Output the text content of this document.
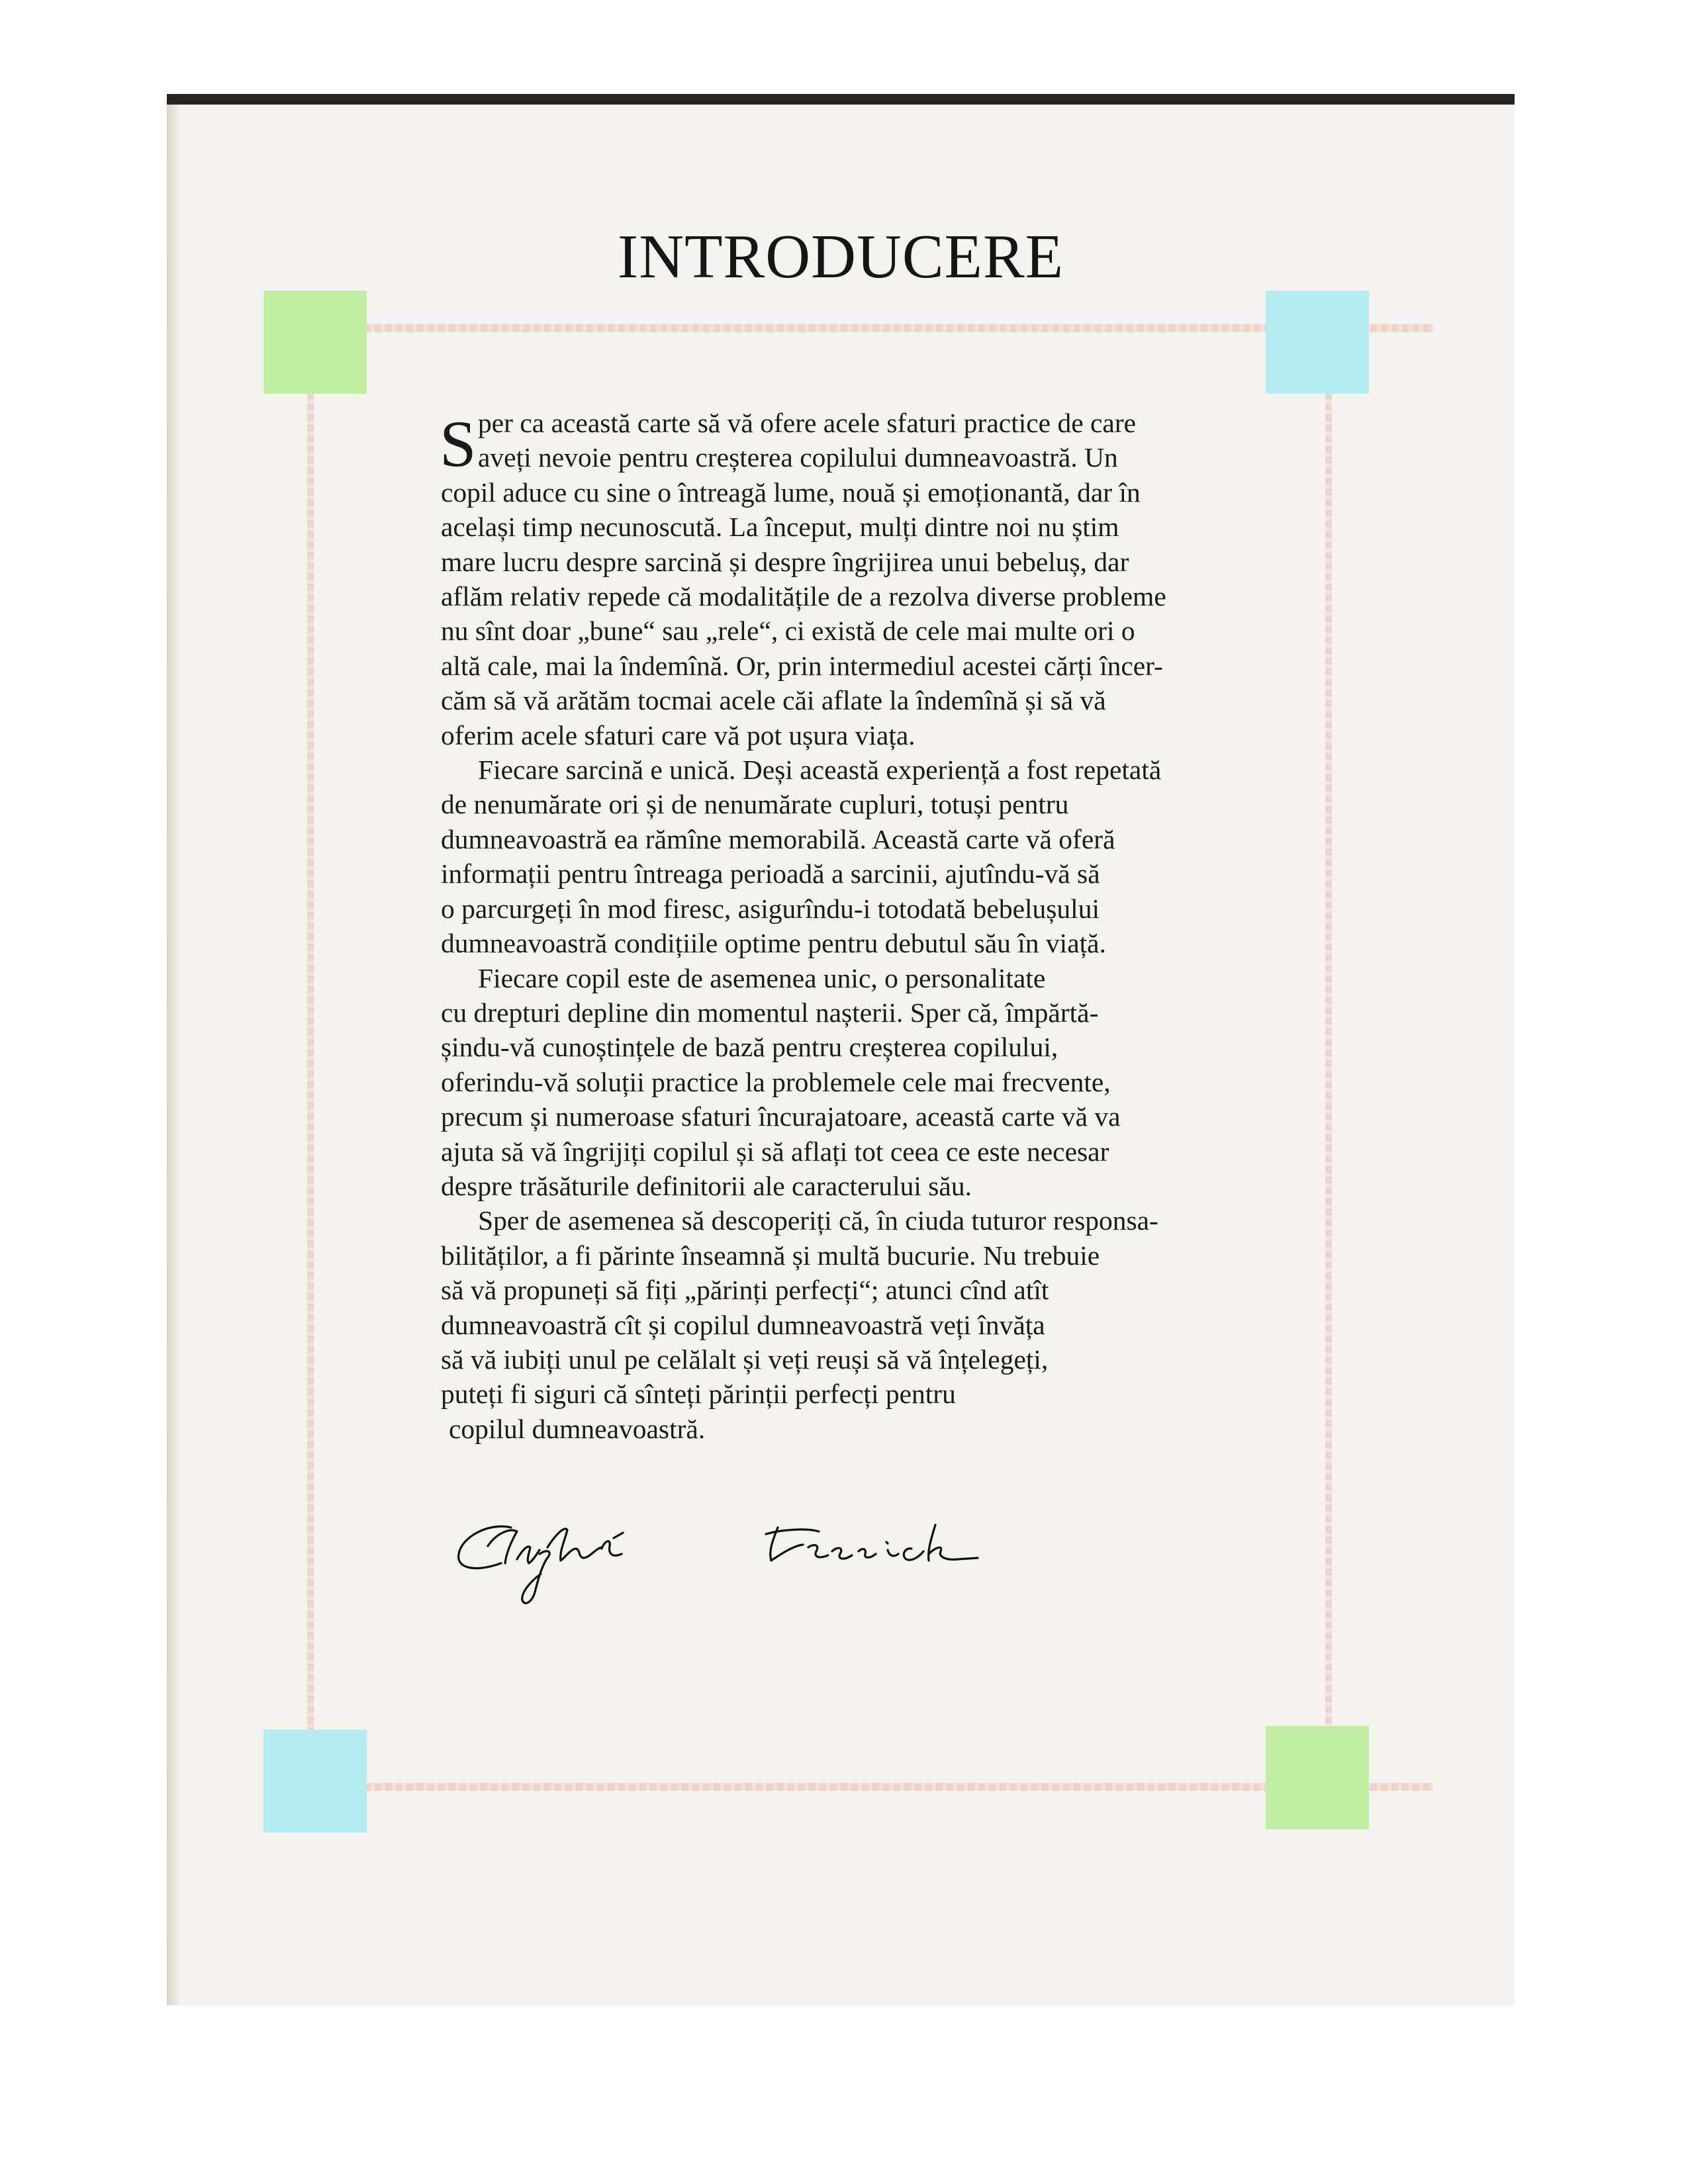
INTRODUCERE
S per ca această carte să vă ofere acele sfaturi practice de care
aveți nevoie pentru creșterea copilului dumneavoastră. Un
copil aduce cu sine o întreagă lume, nouă și emoționantă, dar în
același timp necunoscută. La început, mulți dintre noi nu știm
mare lucru despre sarcină și despre îngrijirea unui bebeluș, dar
aflăm relativ repede că modalitățile de a rezolva diverse probleme
nu sînt doar „bune“ sau „rele“, ci există de cele mai multe ori o
altă cale, mai la îndemînă. Or, prin intermediul acestei cărți încer-
căm să vă arătăm tocmai acele căi aflate la îndemînă și să vă
oferim acele sfaturi care vă pot ușura viața.
Fiecare sarcină e unică. Deși această experiență a fost repetată
de nenumărate ori și de nenumărate cupluri, totuși pentru
dumneavoastră ea rămîne memorabilă. Această carte vă oferă
informații pentru întreaga perioadă a sarcinii, ajutîndu-vă să
o parcurgeți în mod firesc, asigurîndu-i totodată bebelușului
dumneavoastră condițiile optime pentru debutul său în viață.
Fiecare copil este de asemenea unic, o personalitate
cu drepturi depline din momentul nașterii. Sper că, împărtă-
șindu-vă cunoștințele de bază pentru creșterea copilului,
oferindu-vă soluții practice la problemele cele mai frecvente,
precum și numeroase sfaturi încurajatoare, această carte vă va
ajuta să vă îngrijiți copilul și să aflați tot ceea ce este necesar
despre trăsăturile definitorii ale caracterului său.
Sper de asemenea să descoperiți că, în ciuda tuturor responsa-
bilităților, a fi părinte înseamnă și multă bucurie. Nu trebuie
să vă propuneți să fiți „părinți perfecți“; atunci cînd atît
dumneavoastră cît și copilul dumneavoastră veți învăța
să vă iubiți unul pe celălalt și veți reuși să vă înțelegeți,
puteți fi siguri că sînteți părinții perfecți pentru
copilul dumneavoastră.
